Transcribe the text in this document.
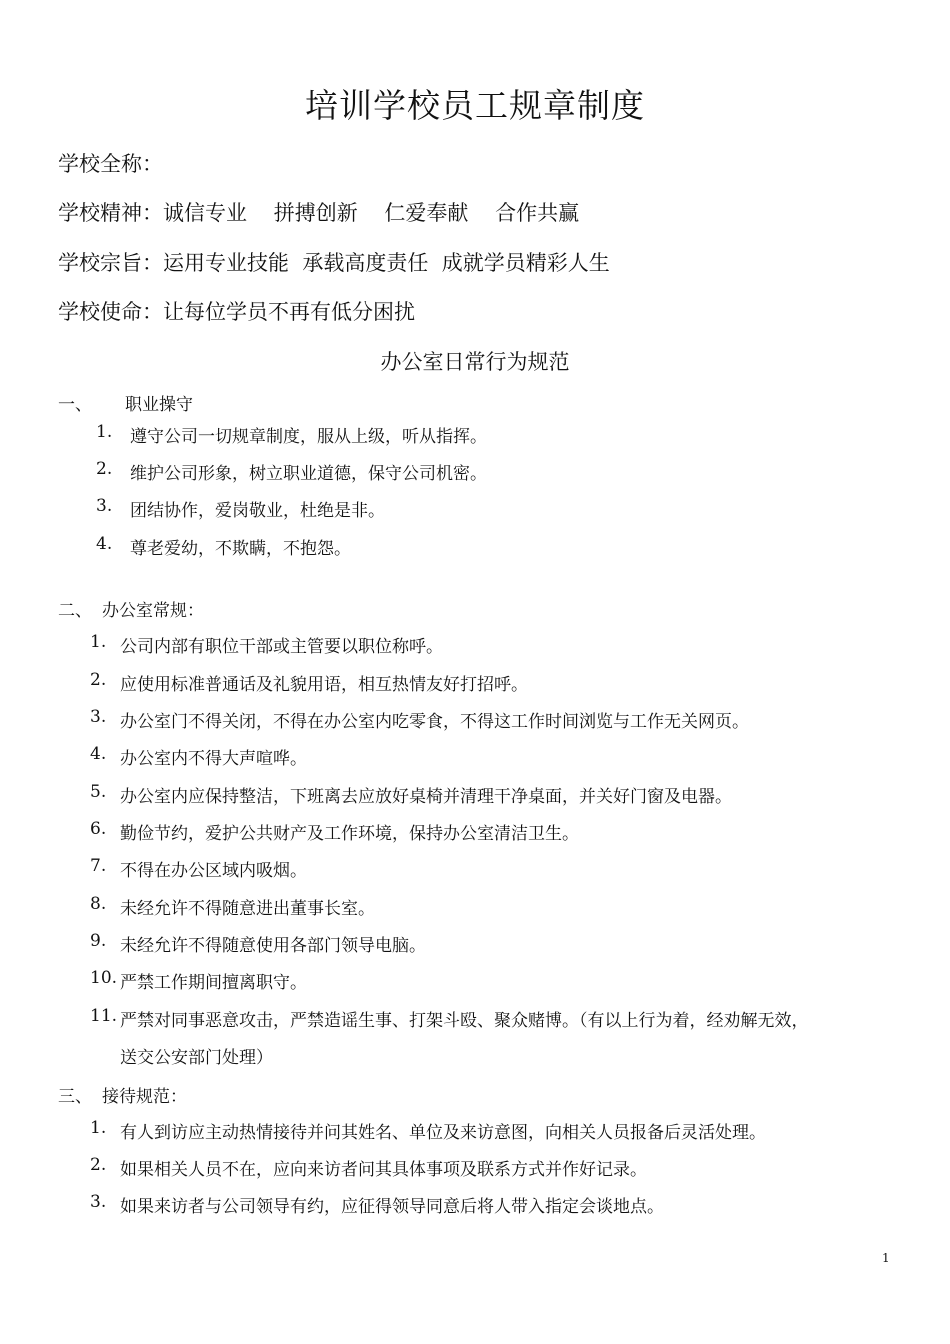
培训学校员工规章制度
学校全称：
学校精神：诚信专业    拼搏创新    仁爱奉献    合作共赢
学校宗旨：运用专业技能  承载高度责任  成就学员精彩人生
学校使命：让每位学员不再有低分困扰
办公室日常行为规范
一、 职业操守
1. 遵守公司一切规章制度，服从上级，听从指挥。
2. 维护公司形象，树立职业道德，保守公司机密。
3. 团结协作，爱岗敬业，杜绝是非。
4. 尊老爱幼，不欺瞒，不抱怨。
二、 办公室常规：
1. 公司内部有职位干部或主管要以职位称呼。
2. 应使用标准普通话及礼貌用语，相互热情友好打招呼。
3. 办公室门不得关闭，不得在办公室内吃零食，不得这工作时间浏览与工作无关网页。
4. 办公室内不得大声喧哗。
5. 办公室内应保持整洁，下班离去应放好桌椅并清理干净桌面，并关好门窗及电器。
6. 勤俭节约，爱护公共财产及工作环境，保持办公室清洁卫生。
7. 不得在办公区域内吸烟。
8. 未经允许不得随意进出董事长室。
9. 未经允许不得随意使用各部门领导电脑。
10. 严禁工作期间擅离职守。
11. 严禁对同事恶意攻击，严禁造谣生事、打架斗殴、聚众赌博。（有以上行为着，经劝解无效，
送交公安部门处理）
三、 接待规范：
1. 有人到访应主动热情接待并问其姓名、单位及来访意图，向相关人员报备后灵活处理。
2. 如果相关人员不在，应向来访者问其具体事项及联系方式并作好记录。
3. 如果来访者与公司领导有约，应征得领导同意后将人带入指定会谈地点。
1
